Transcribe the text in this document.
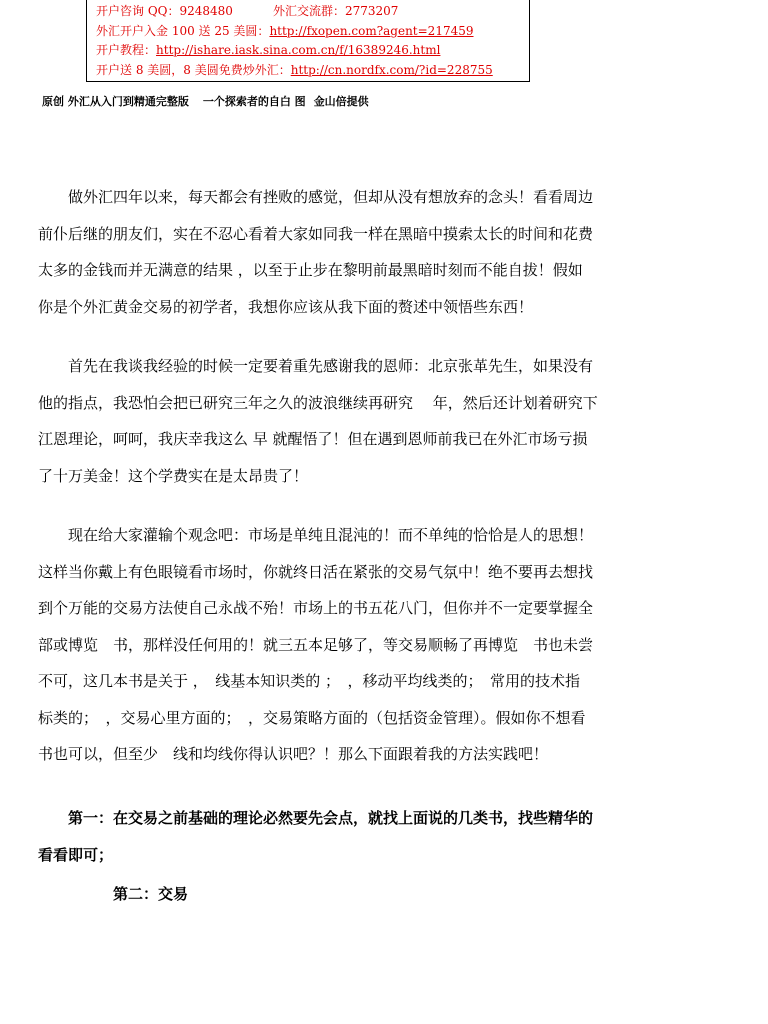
开户咨询 QQ：9248480	外汇交流群：2773207
外汇开户入金 100 送 25 美圆：http://fxopen.com?agent=217459
开户教程：http://ishare.iask.sina.com.cn/f/16389246.html
开户送 8 美圆，8 美圆免费炒外汇：http://cn.nordfx.com/?id=228755
原创 外汇从入门到精通完整版 一个探索者的自白 图 金山倍提供
　　做外汇四年以来，每天都会有挫败的感觉，但却从没有想放弃的念头！看看周边
前仆后继的朋友们，实在不忍心看着大家如同我一样在黑暗中摸索太长的时间和花费
太多的金钱而并无满意的结果 ，以至于止步在黎明前最黑暗时刻而不能自拔！假如
你是个外汇黄金交易的初学者，我想你应该从我下面的赘述中领悟些东西！
　　首先在我谈我经验的时候一定要着重先感谢我的恩师：北京张革先生，如果没有
他的指点，我恐怕会把已研究三年之久的波浪继续再研究　 年，然后还计划着研究下
江恩理论，呵呵，我庆幸我这么 早 就醒悟了！但在遇到恩师前我已在外汇市场亏损
了十万美金！这个学费实在是太昂贵了！
　　现在给大家灌输个观念吧：市场是单纯且混沌的！而不单纯的恰恰是人的思想！
这样当你戴上有色眼镜看市场时，你就终日活在紧张的交易气氛中！绝不要再去想找
到个万能的交易方法使自己永战不殆！市场上的书五花八门，但你并不一定要掌握全
部或博览　书，那样没任何用的！就三五本足够了，等交易顺畅了再博览　书也未尝
不可，这几本书是关于 ，　线基本知识类的 ；　，移动平均线类的；　常用的技术指
标类的；　，交易心里方面的；　，交易策略方面的（包括资金管理）。假如你不想看
书也可以，但至少　线和均线你得认识吧？！那么下面跟着我的方法实践吧！
　　第一：在交易之前基础的理论必然要先会点，就找上面说的几类书，找些精华的
看看即可；
　　　　　第二：交易
